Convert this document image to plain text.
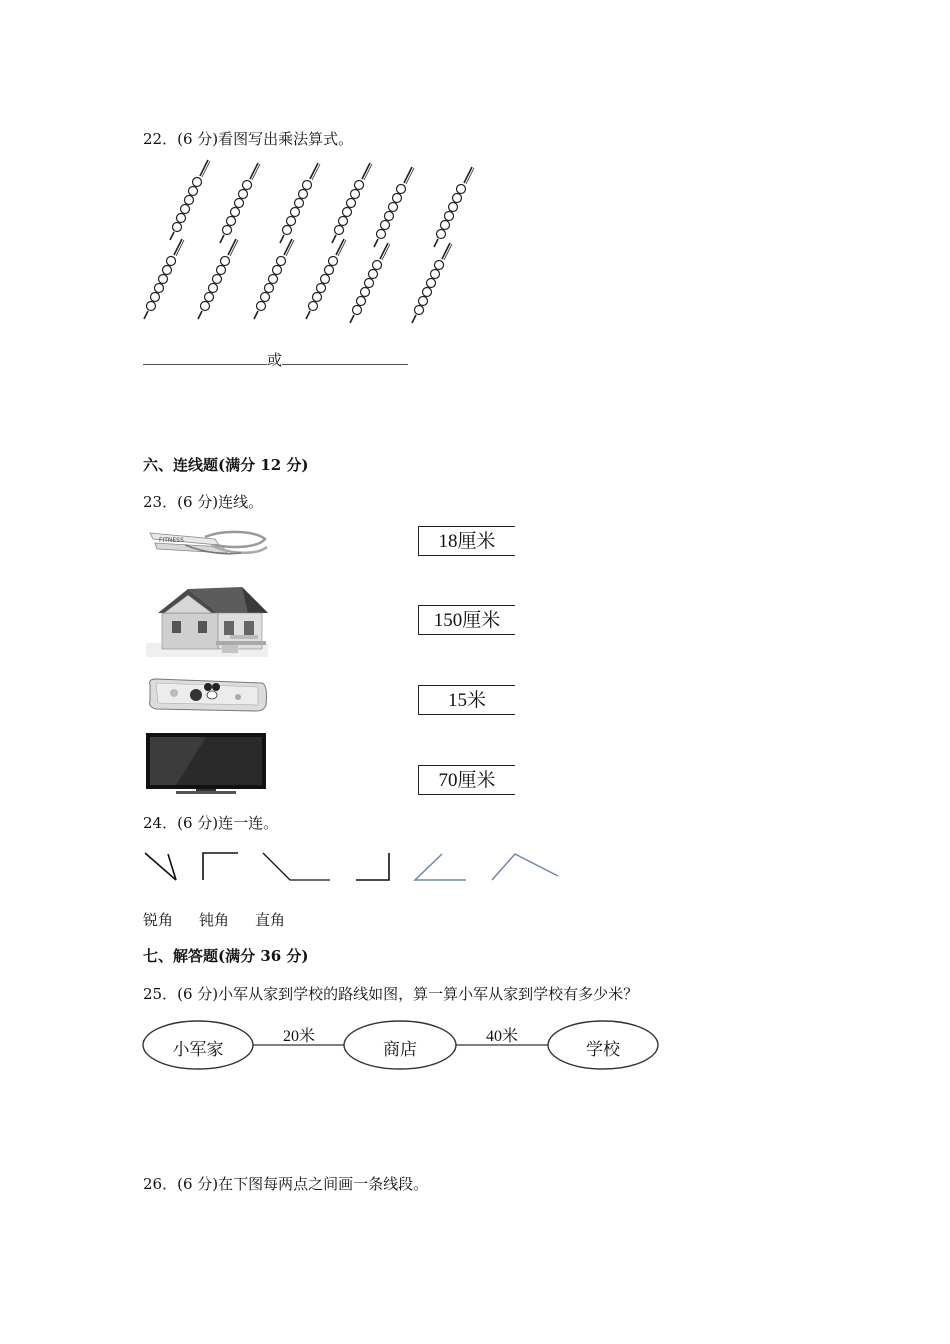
22．(6 分)看图写出乘法算式。
或
六、连线题(满分 12 分)
23．(6 分)连线。
FITNESS	18厘米
150厘米
15米
70厘米
24．(6 分)连一连。
锐角 钝角 直角
七、解答题(满分 36 分)
25．(6 分)小军从家到学校的路线如图，算一算小军从家到学校有多少米？
小军家	商店	学校
20米	40米
26．(6 分)在下图每两点之间画一条线段。
